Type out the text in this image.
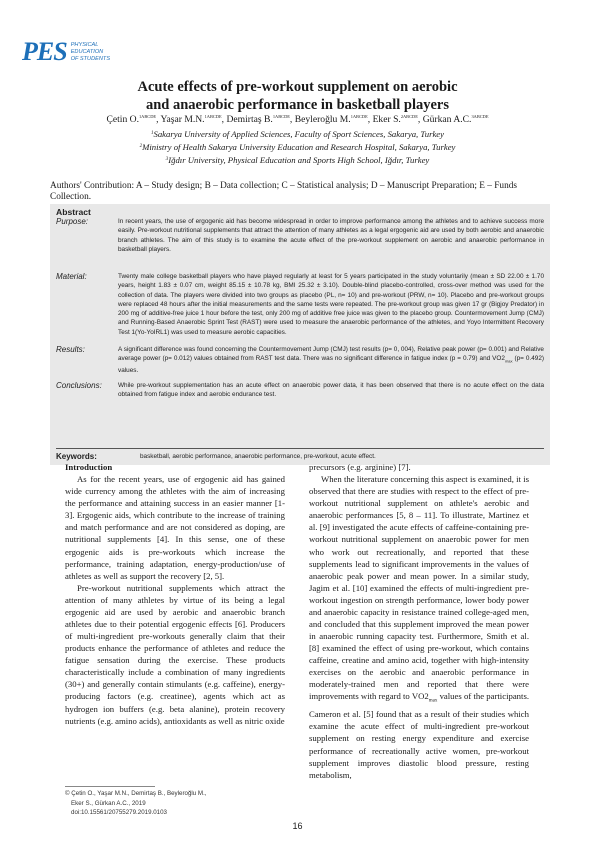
PES PHYSICAL
EDUCATION
OF STUDENTS
Acute effects of pre-workout supplement on aerobic
and anaerobic performance in basketball players
Çetin O.$^{1ABCDE}$, Yaşar M.N.$^{1ABCDE}$, Demirtaş B.$^{1ABCDE}$, Beyleroğlu M.$^{1ABCDE}$, Eker S.$^{2ABCDE}$, Gürkan A.C.$^{3ABCDE}$
$^1$Sakarya University of Applied Sciences, Faculty of Sport Sciences, Sakarya, Turkey
$^2$Ministry of Health Sakarya University Education and Research Hospital, Sakarya, Turkey
$^3$Iğdır University, Physical Education and Sports High School, Iğdır, Turkey
Authors' Contribution: A – Study design; B – Data collection; C – Statistical analysis; D – Manuscript Preparation; E – Funds Collection.
Abstract
Purpose:	In recent years, the use of ergogenic aid has become widespread in order to improve performance among the athletes and to achieve success more easily. Pre-workout nutritional supplements that attract the attention of many athletes as a legal ergogenic aid are used by both aerobic and anaerobic branch athletes. The aim of this study is to examine the acute effect of the pre-workout supplement on aerobic and anaerobic performance in basketball players.
Material:	Twenty male college basketball players who have played regularly at least for 5 years participated in the study voluntarily (mean ± SD 22.00 ± 1.70 years, height 1.83 ± 0.07 cm, weight 85.15 ± 10.78 kg, BMI 25.32 ± 3.10). Double-blind placebo-controlled, cross-over method was used for the collection of data. The players were divided into two groups as placebo (PL, n= 10) and pre-workout (PRW, n= 10). Placebo and pre-workout groups were replaced 48 hours after the initial measurements and the same tests were repeated. The pre-workout group was given 17 gr (Bigjoy Predator) in 200 mg of additive-free juice 1 hour before the test, only 200 mg of additive free juice was given to the placebo group. Countermovement Jump (CMJ) and Running-Based Anaerobic Sprint Test (RAST) were used to measure the anaerobic performance of the athletes, and Yoyo Intermittent Recovery Test 1(Yo-YoIRL1) was used to measure aerobic capacities.
Results:	A significant difference was found concerning the Countermovement Jump (CMJ) test results (p= 0, 004), Relative peak power (p= 0.001) and Relative average power (p= 0.012) values obtained from RAST test data. There was no significant difference in fatigue index (p = 0.79) and $VO2_{max}$ (p= 0.492) values.
Conclusions:	While pre-workout supplementation has an acute effect on anaerobic power data, it has been observed that there is no acute effect on the data obtained from fatigue index and aerobic endurance test.
Keywords:	basketball, aerobic performance, anaerobic performance, pre-workout, acute effect.
Introduction

As for the recent years, use of ergogenic aid has gained wide currency among the athletes with the aim of increasing the performance and attaining success in an easier manner [1-3]. Ergogenic aids, which contribute to the increase of training and match performance and are not considered as doping, are nutritional supplements [4]. In this sense, one of these ergogenic aids is pre-workouts which increase the performance, training adaptation, energy-production/use of athletes as well as support the recovery [2, 5].

Pre-workout nutritional supplements which attract the attention of many athletes by virtue of its being a legal ergogenic aid are used by aerobic and anaerobic branch athletes due to their potential ergogenic effects [6]. Producers of multi-ingredient pre-workouts generally claim that their products enhance the performance of athletes and reduce the fatigue sensation during the exercise. These products characteristically include a combination of many ingredients (30+) and generally contain stimulants (e.g. caffeine), energy-producing factors (e.g. creatinee), agents which act as hydrogen ion buffers (e.g. beta alanine), protein recovery nutrients (e.g. amino acids), antioxidants as well as nitric oxide

precursors (e.g. arginine) [7].

When the literature concerning this aspect is examined, it is observed that there are studies with respect to the effect of pre-workout nutritional supplement on athlete's aerobic and anaerobic performances [5, 8 – 11]. To illustrate, Martinez et al. [9] investigated the acute effects of caffeine-containing pre-workout nutritional supplement on anaerobic power for men who work out recreationally, and reported that these supplements lead to significant improvements in the values of anaerobic peak power and mean power. In a similar study, Jagim et al. [10] examined the effects of multi-ingredient pre-workout ingestion on strength performance, lower body power and anaerobic capacity in resistance trained college-aged men, and concluded that this supplement improved the mean power in anaerobic running capacity test. Furthermore, Smith et al. [8] examined the effect of using pre-workout, which contains caffeine, creatine and amino acid, together with high-intensity exercises on the aerobic and anaerobic performance in moderately-trained men and reported that there were improvements with regard to $VO2_{max}$ values of the participants. Cameron et al. [5] found that as a result of their studies which examine the acute effect of multi-ingredient pre-workout supplement on resting energy expenditure and exercise performance of recreationally active women, pre-workout supplement improves diastolic blood pressure, resting metabolism,

© Çetin O., Yaşar M.N., Demirtaş B., Beyleroğlu M.,
Eker S., Gürkan A.C., 2019
doi:10.15561/20755279.2019.0103
16
